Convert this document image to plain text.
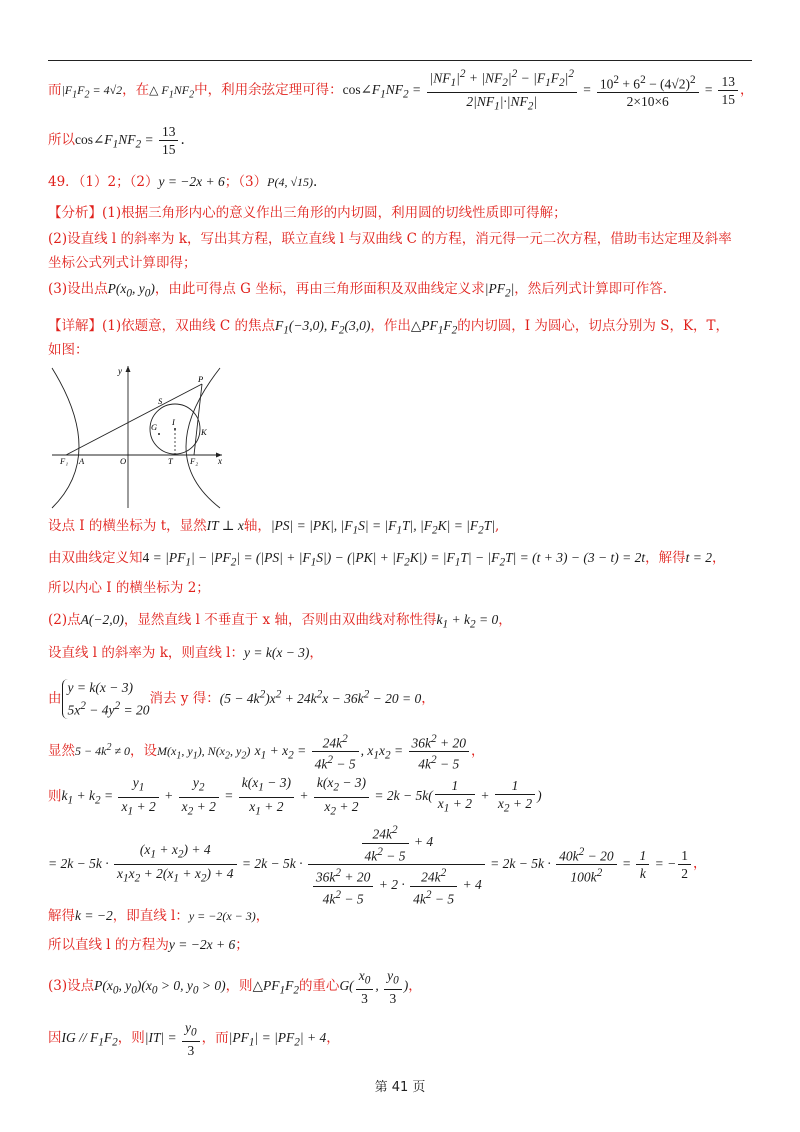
而$|F_1F_2 = 4√2$，在△ $F_1NF_2$中，利用余弦定理可得：$\cos\angle F_1NF_2 = \frac{|NF_1|^2 + |NF_2|^2 - |F_1F_2|^2}{2|NF_1|\cdot|NF_2|} = \frac{10^2 + 6^2 - (4√2)^2}{2\times 10\times 6} = \frac{13}{15}$ ，
所以$\cos\angle F_1NF_2 = \frac{13}{15}$ .
49．（1）2；（2）y = −2x + 6；（3）P(4, √15).
【分析】(1)根据三角形内心的意义作出三角形的内切圆，利用圆的切线性质即可得解；
(2)设直线 l 的斜率为 k，写出其方程，联立直线 l 与双曲线 C 的方程，消元得一元二次方程，借助韦达定理及斜率
坐标公式列式计算即得；
(3)设出点$P(x_0$, $y_0$)，由此可得点 G 坐标，再由三角形面积及双曲线定义求$|PF_2|$，然后列式计算即可作答.
【详解】(1)依题意，双曲线 C 的焦点$F_1(-3,0)$, $F_2(3,0)$，作出$\triangle PF_1F_2$的内切圆，I 为圆心，切点分别为 S，K，T，
如图：
y
x
O
A
F₁	T F₂
P
S
K
G I
设点 I 的横坐标为 t，显然IT ⊥ x轴，|PS| = |PK|, $|F_1S| = |F_1T|$, $|F_2K| = |F_2T|$,
由双曲线定义知$4 = |PF_1| - |PF_2| = (|PS| + |F_1S|) - (|PK| + |F_2K|) = |F_1T| - |F_2T| = (t + 3) - (3 - t) = 2t$，解得t = 2，
所以内心 I 的横坐标为 2；
(2)点A(−2,0)，显然直线 l 不垂直于 x 轴，否则由双曲线对称性得$k_1 + k_2 = 0$，
设直线 l 的斜率为 k，则直线 l：y = k(x − 3)，
由
y = k(x − 3)
$5x^2 - 4y^2 = 20$
消去 y 得：$(5 - 4k^2)x^2 + 24k^2x - 36k^2 - 20 = 0$，
显然$5 - 4k^2 \ne 0$，设$M(x_1$, $y_1$), $N(x_2$, $y_2$) $x_1 + x_2 = \frac{24k^2}{4k^2 - 5}$ , $x_1x_2 = \frac{36k^2 + 20}{4k^2 - 5}$ ，
则$k_1 + k_2 = \frac{y_1}{x_1 + 2} + \frac{y_2}{x_2 + 2} = \frac{k(x_1 - 3)}{x_1 + 2} + \frac{k(x_2 - 3)}{x_2 + 2} = 2k - 5k( \frac{1}{x_1 + 2} + \frac{1}{x_2 + 2}$ )
= $2k - 5k \cdot \frac{(x_1 + x_2) + 4}{x_1x_2 + 2(x_1 + x_2) + 4} = 2k - 5k \cdot \frac{\frac{24k^2}{4k^2 - 5} + 4}{\frac{36k^2 + 20}{4k^2 - 5} + 2 \cdot \frac{24k^2}{4k^2 - 5} + 4} = 2k - 5k \cdot \frac{40k^2 - 20}{100k^2} = \frac{1}{k}$ = − $\frac{1}{2}$ ，
解得k = −2，即直线 l：y = −2(x − 3)，
所以直线 l 的方程为y = −2x + 6；
(3)设点$P(x_0$, $y_0)(x_0 > 0$, $y_0 > 0$)，则$\triangle PF_1F_2$的重心$G( \frac{x_0}{3}$ , $\frac{y_0}{3}$ )，
因IG // $F_1F_2$，则$|IT| = \frac{y_0}{3}$ ，而$|PF_1| = |PF_2| + 4$，
第 41 页
